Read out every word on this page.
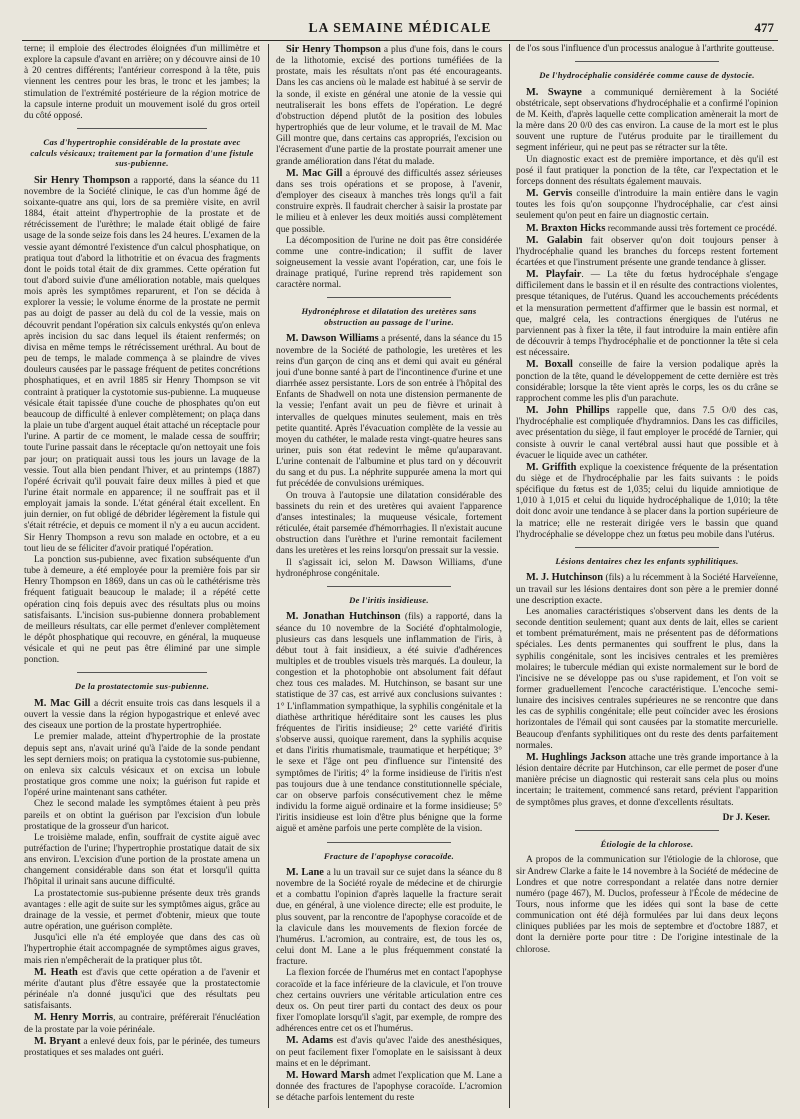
LA SEMAINE MÉDICALE	477

terne; il emploie des électrodes éloignées d'un millimètre et explore la capsule d'avant en arrière; on y découvre ainsi de 10 à 20 centres différents; l'antérieur correspond à la tête, puis viennent les centres pour les bras, le tronc et les jambes; la stimulation de l'extrémité postérieure de la région motrice de la capsule interne produit un mouvement isolé du gros orteil du côté opposé.

Cas d'hypertrophie considérable de la prostate avec calculs vésicaux; traitement par la formation d'une fistule sus-pubienne.

Sir Henry Thompson a rapporté, dans la séance du 11 novembre de la Société clinique, le cas d'un homme âgé de soixante-quatre ans qui, lors de sa première visite, en avril 1884, était atteint d'hypertrophie de la prostate et de rétrécissement de l'urèthre; le malade était obligé de faire usage de la sonde seize fois dans les 24 heures. L'examen de la vessie ayant démontré l'existence d'un calcul phosphatique, on pratiqua tout d'abord la lithotritie et on évacua des fragments dont le poids total était de dix grammes. Cette opération fut tout d'abord suivie d'une amélioration notable, mais quelques mois après les symptômes reparurent, et l'on se décida à explorer la vessie; le volume énorme de la prostate ne permit pas au doigt de passer au delà du col de la vessie, mais on découvrit pendant l'opération six calculs enkystés qu'on enleva après incision du sac dans lequel ils étaient renfermés; on divisa en même temps le rétrécissement uréthral. Au bout de peu de temps, le malade commença à se plaindre de vives douleurs causées par le passage fréquent de petites concrétions phosphatiques, et en avril 1885 sir Henry Thompson se vit contraint à pratiquer la cystotomie sus-pubienne. La muqueuse vésicale était tapissée d'une couche de phosphates qu'on eut beaucoup de difficulté à enlever complètement; on plaça dans la plaie un tube d'argent auquel était attaché un réceptacle pour l'urine. A partir de ce moment, le malade cessa de souffrir; toute l'urine passait dans le réceptacle qu'on nettoyait une fois par jour; on pratiquait aussi tous les jours un lavage de la vessie. Tout alla bien pendant l'hiver, et au printemps (1887) l'opéré écrivait qu'il pouvait faire deux milles à pied et que l'urine était normale en apparence; il ne souffrait pas et il employait jamais la sonde. L'état général était excellent. En juin dernier, on fut obligé de débrider légèrement la fistule qui s'était rétrécie, et depuis ce moment il n'y a eu aucun accident. Sir Henry Thompson a revu son malade en octobre, et a eu tout lieu de se féliciter d'avoir pratiqué l'opération.

La ponction sus-pubienne, avec fixation subséquente d'un tube à demeure, a été employée pour la première fois par sir Henry Thompson en 1869, dans un cas où le cathétérisme très fréquent fatiguait beaucoup le malade; il a répété cette opération cinq fois depuis avec des résultats plus ou moins satisfaisants. L'incision sus-pubienne donnera probablement de meilleurs résultats, car elle permet d'enlever complètement le dépôt phosphatique qui recouvre, en général, la muqueuse vésicale et qui ne peut pas être éliminé par une simple ponction.

De la prostatectomie sus-pubienne.

M. Mac Gill a décrit ensuite trois cas dans lesquels il a ouvert la vessie dans la région hypogastrique et enlevé avec des ciseaux une portion de la prostate hypertrophiée.

Le premier malade, atteint d'hypertrophie de la prostate depuis sept ans, n'avait uriné qu'à l'aide de la sonde pendant les sept derniers mois; on pratiqua la cystotomie sus-pubienne, on enleva six calculs vésicaux et on excisa un lobule prostatique gros comme une noix; la guérison fut rapide et l'opéré urine maintenant sans cathéter.

Chez le second malade les symptômes étaient à peu près pareils et on obtint la guérison par l'excision d'un lobule prostatique de la grosseur d'un haricot.

Le troisième malade, enfin, souffrait de cystite aiguë avec putréfaction de l'urine; l'hypertrophie prostatique datait de six ans environ. L'excision d'une portion de la prostate amena un changement considérable dans son état et lorsqu'il quitta l'hôpital il urinait sans aucune difficulté.

La prostatectomie sus-pubienne présente deux très grands avantages : elle agit de suite sur les symptômes aigus, grâce au drainage de la vessie, et permet d'obtenir, mieux que toute autre opération, une guérison complète.

Jusqu'ici elle n'a été employée que dans des cas où l'hypertrophie était accompagnée de symptômes aigus graves, mais rien n'empêcherait de la pratiquer plus tôt.

M. Heath est d'avis que cette opération a de l'avenir et mérite d'autant plus d'être essayée que la prostatectomie périnéale n'a donné jusqu'ici que des résultats peu satisfaisants.

M. Henry Morris, au contraire, préférerait l'énucléation de la prostate par la voie périnéale.

M. Bryant a enlevé deux fois, par le périnée, des tumeurs prostatiques et ses malades ont guéri.

Sir Henry Thompson a plus d'une fois, dans le cours de la lithotomie, excisé des portions tuméfiées de la prostate, mais les résultats n'ont pas été encourageants. Dans les cas anciens où le malade est habitué à se servir de la sonde, il existe en général une atonie de la vessie qui neutraliserait les bons effets de l'opération. Le degré d'obstruction dépend plutôt de la position des lobules hypertrophiés que de leur volume, et le travail de M. Mac Gill montre que, dans certains cas appropriés, l'excision ou l'écrasement d'une partie de la prostate pourrait amener une grande amélioration dans l'état du malade.

M. Mac Gill a éprouvé des difficultés assez sérieuses dans ses trois opérations et se propose, à l'avenir, d'employer des ciseaux à manches très longs qu'il a fait construire exprès. Il faudrait chercher à saisir la prostate par le milieu et à enlever les deux moitiés aussi complètement que possible.

La décomposition de l'urine ne doit pas être considérée comme une contre-indication; il suffit de laver soigneusement la vessie avant l'opération, car, une fois le drainage pratiqué, l'urine reprend très rapidement son caractère normal.

Hydronéphrose et dilatation des uretères sans obstruction au passage de l'urine.

M. Dawson Williams a présenté, dans la séance du 15 novembre de la Société de pathologie, les uretères et les reins d'un garçon de cinq ans et demi qui avait eu général joui d'une bonne santé à part de l'incontinence d'urine et une diarrhée assez persistante. Lors de son entrée à l'hôpital des Enfants de Shadwell on nota une distension permanente de la vessie; l'enfant avait un peu de fièvre et urinait à intervalles de quelques minutes seulement, mais en très petite quantité. Après l'évacuation complète de la vessie au moyen du cathéter, le malade resta vingt-quatre heures sans uriner, puis son état redevint le même qu'auparavant. L'urine contenait de l'albumine et plus tard on y découvrit du sang et du pus. La néphrite suppurée amena la mort qui fut précédée de convulsions urémiques.

On trouva à l'autopsie une dilatation considérable des bassinets du rein et des uretères qui avaient l'apparence d'anses intestinales; la muqueuse vésicale, fortement réticulée, était parsemée d'hémorrhagies. Il n'existait aucune obstruction dans l'urèthre et l'urine remontait facilement dans les uretères et les reins lorsqu'on pressait sur la vessie.

Il s'agissait ici, selon M. Dawson Williams, d'une hydronéphrose congénitale.

De l'iritis insidieuse.

M. Jonathan Hutchinson (fils) a rapporté, dans la séance du 10 novembre de la Société d'ophtalmologie, plusieurs cas dans lesquels une inflammation de l'iris, à début tout à fait insidieux, a été suivie d'adhérences multiples et de troubles visuels très marqués. La douleur, la congestion et la photophobie ont absolument fait défaut chez tous ces malades. M. Hutchinson, se basant sur une statistique de 37 cas, est arrivé aux conclusions suivantes : 1° L'inflammation sympathique, la syphilis congénitale et la diathèse arthritique héréditaire sont les causes les plus fréquentes de l'iritis insidieuse; 2° cette variété d'iritis s'observe aussi, quoique rarement, dans la syphilis acquise et dans l'iritis rhumatismale, traumatique et herpétique; 3° le sexe et l'âge ont peu d'influence sur l'intensité des symptômes de l'iritis; 4° la forme insidieuse de l'iritis n'est pas toujours due à une tendance constitutionnelle spéciale, car on observe parfois consécutivement chez le même individu la forme aiguë ordinaire et la forme insidieuse; 5° l'iritis insidieuse est loin d'être plus bénigne que la forme aiguë et amène parfois une perte complète de la vision.

Fracture de l'apophyse coracoïde.

M. Lane a lu un travail sur ce sujet dans la séance du 8 novembre de la Société royale de médecine et de chirurgie et a combattu l'opinion d'après laquelle la fracture serait due, en général, à une violence directe; elle est produite, le plus souvent, par la rencontre de l'apophyse coracoïde et de la clavicule dans les mouvements de flexion forcée de l'humérus. L'acromion, au contraire, est, de tous les os, celui dont M. Lane a le plus fréquemment constaté la fracture.

La flexion forcée de l'humérus met en contact l'apophyse coracoïde et la face inférieure de la clavicule, et l'on trouve chez certains ouvriers une véritable articulation entre ces deux os. On peut tirer parti du contact des deux os pour fixer l'omoplate lorsqu'il s'agit, par exemple, de rompre des adhérences entre cet os et l'humérus.

M. Adams est d'avis qu'avec l'aide des anesthésiques, on peut facilement fixer l'omoplate en le saisissant à deux mains et en le déprimant.

M. Howard Marsh admet l'explication que M. Lane a donnée des fractures de l'apophyse coracoïde. L'acromion se détache parfois lentement du reste

de l'os sous l'influence d'un processus analogue à l'arthrite goutteuse.

De l'hydrocéphalie considérée comme cause de dystocie.

M. Swayne a communiqué dernièrement à la Société obstétricale, sept observations d'hydrocéphalie et a confirmé l'opinion de M. Keith, d'après laquelle cette complication amènerait la mort de la mère dans 20 0/0 des cas environ. La cause de la mort est le plus souvent une rupture de l'utérus produite par le tiraillement du segment inférieur, qui ne peut pas se rétracter sur la tête.

Un diagnostic exact est de première importance, et dès qu'il est posé il faut pratiquer la ponction de la tête, car l'expectation et le forceps donnent des résultats également mauvais.

M. Gervis conseille d'introduire la main entière dans le vagin toutes les fois qu'on soupçonne l'hydrocéphalie, car c'est ainsi seulement qu'on peut en faire un diagnostic certain.

M. Braxton Hicks recommande aussi très fortement ce procédé.

M. Galabin fait observer qu'on doit toujours penser à l'hydrocéphalie quand les branches du forceps restent fortement écartées et que l'instrument présente une grande tendance à glisser.

M. Playfair. — La tête du fœtus hydrocéphale s'engage difficilement dans le bassin et il en résulte des contractions violentes, presque tétaniques, de l'utérus. Quand les accouchements précédents et la mensuration permettent d'affirmer que le bassin est normal, et que, malgré cela, les contractions énergiques de l'utérus ne parviennent pas à fixer la tête, il faut introduire la main entière afin de découvrir à temps l'hydrocéphalie et de ponctionner la tête si cela est nécessaire.

M. Boxall conseille de faire la version podalique après la ponction de la tête, quand le développement de cette dernière est très considérable; lorsque la tête vient après le corps, les os du crâne se rapprochent comme les plis d'un parachute.

M. John Phillips rappelle que, dans 7.5 O/0 des cas, l'hydrocéphalie est compliquée d'hydramnios. Dans les cas difficiles, avec présentation du siège, il faut employer le procédé de Tarnier, qui consiste à ouvrir le canal vertébral aussi haut que possible et à évacuer le liquide avec un cathéter.

M. Griffith explique la coexistence fréquente de la présentation du siège et de l'hydrocéphalie par les faits suivants : le poids spécifique du fœtus est de 1,035; celui du liquide amniotique de 1,010 à 1,015 et celui du liquide hydrocéphalique de 1,010; la tête doit donc avoir une tendance à se placer dans la portion supérieure de la matrice; elle ne resterait dirigée vers le bassin que quand l'hydrocéphalie se développe chez un fœtus peu mobile dans l'utérus.

Lésions dentaires chez les enfants syphilitiques.

M. J. Hutchinson (fils) a lu récemment à la Société Harveïenne, un travail sur les lésions dentaires dont son père a le premier donné une description exacte.

Les anomalies caractéristiques s'observent dans les dents de la seconde dentition seulement; quant aux dents de lait, elles se carient et tombent prématurément, mais ne présentent pas de déformations spéciales. Les dents permanentes qui souffrent le plus, dans la syphilis congénitale, sont les incisives centrales et les premières molaires; le tubercule médian qui existe normalement sur le bord de l'incisive ne se développe pas ou s'use rapidement, et l'on voit se former graduellement l'encoche caractéristique. L'encoche semi-lunaire des incisives centrales supérieures ne se rencontre que dans les cas de syphilis congénitale; elle peut coïncider avec les érosions horizontales de l'émail qui sont causées par la stomatite mercurielle. Beaucoup d'enfants syphilitiques ont du reste des dents parfaitement normales.

M. Hughlings Jackson attache une très grande importance à la lésion dentaire décrite par Hutchinson, car elle permet de poser d'une manière précise un diagnostic qui resterait sans cela plus ou moins incertain; le traitement, commencé sans retard, prévient l'apparition de symptômes plus graves, et donne d'excellents résultats.

Dr J. Keser.
Étiologie de la chlorose.

A propos de la communication sur l'étiologie de la chlorose, que sir Andrew Clarke a faite le 14 novembre à la Société de médecine de Londres et que notre correspondant a relatée dans notre dernier numéro (page 467), M. Duclos, professeur à l'École de médecine de Tours, nous informe que les idées qui sont la base de cette communication ont été déjà formulées par lui dans deux leçons cliniques publiées par les mois de septembre et d'octobre 1887, et dont la dernière porte pour titre : De l'origine intestinale de la chlorose.
